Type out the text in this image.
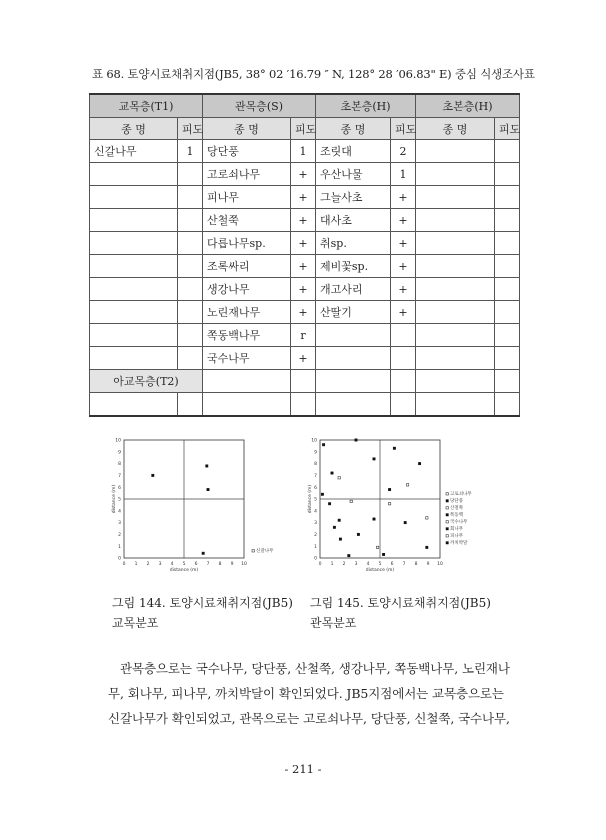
표 68. 토양시료채취지점(JB5, 38° 02 ′16.79 ″ N, 128° 28 ′06.83" E) 중심 식생조사표
교목층(T1)		관목층(S)		초본층(H)		초본층(H)	
종 명	피도	종 명	피도	종 명	피도	종 명	피도
신갈나무	1	당단풍	1	조릿대	2		
		고로쇠나무	+	우산나물	1		
		피나무	+	그늘사초	+		
		산철쭉	+	대사초	+		
		다릅나무sp.	+	취sp.	+		
		조록싸리	+	제비꽃sp.	+		
		생강나무	+	개고사리	+		
		노린재나무	+	산딸기	+		
		쪽동백나무	r				
		국수나무	+				
아교목층(T2)							

0
0
1
1
2
2
3
3
4
4
5
5
6
6
7
7
8
8
9
9
10
10
distance (m)
distance (m)
신갈나무
0
0
1
1
2
2
3
3
4
4
5
5
6
6
7
7
8
8
9
9
10
10
distance (m)
distance (m)	고로쇠나무
당단풍
산철쭉
쪽동백
국수나무
회나무
피나무
까치박달
그림 144. 토양시료채취지점(JB5)
교목분포
그림 145. 토양시료채취지점(JB5)
관목분포
관목층으로는 국수나무, 당단풍, 산철쭉, 생강나무, 쪽동백나무, 노린재나
무, 회나무, 피나무, 까치박달이 확인되었다. JB5지점에서는 교목층으로는
신갈나무가 확인되었고, 관목으로는 고로쇠나무, 당단풍, 신철쭉, 국수나무,
- 211 -
